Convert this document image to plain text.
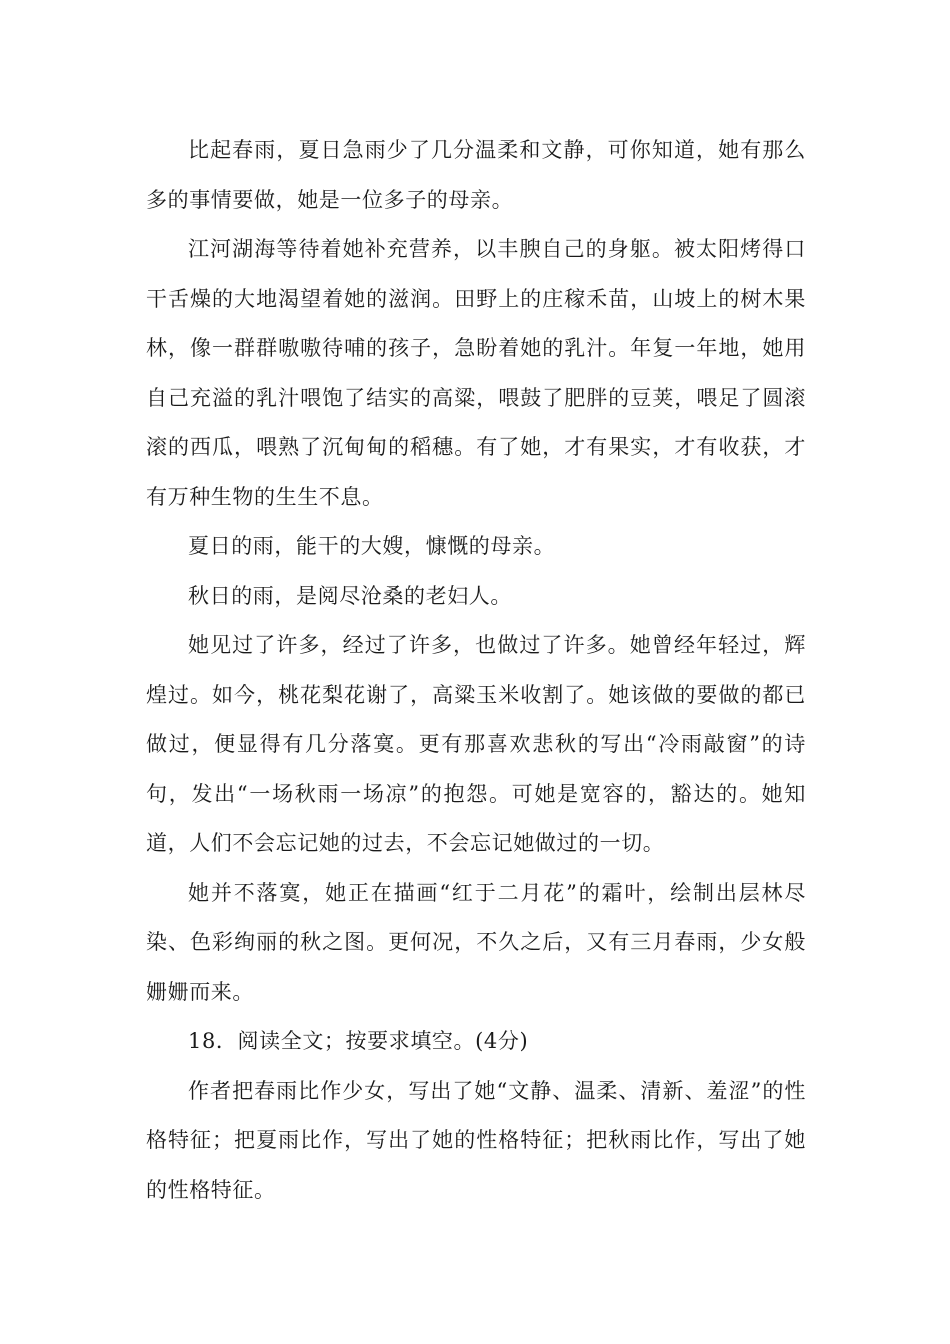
比起春雨，夏日急雨少了几分温柔和文静，可你知道，她有那么多的事情要做，她是一位多子的母亲。

江河湖海等待着她补充营养，以丰腴自己的身躯。被太阳烤得口干舌燥的大地渴望着她的滋润。田野上的庄稼禾苗，山坡上的树木果林，像一群群嗷嗷待哺的孩子，急盼着她的乳汁。年复一年地，她用自己充溢的乳汁喂饱了结实的高粱，喂鼓了肥胖的豆荚，喂足了圆滚滚的西瓜，喂熟了沉甸甸的稻穗。有了她，才有果实，才有收获，才有万种生物的生生不息。

夏日的雨，能干的大嫂，慷慨的母亲。

秋日的雨，是阅尽沧桑的老妇人。

她见过了许多，经过了许多，也做过了许多。她曾经年轻过，辉煌过。如今，桃花梨花谢了，高粱玉米收割了。她该做的要做的都已做过，便显得有几分落寞。更有那喜欢悲秋的写出“冷雨敲窗”的诗句，发出“一场秋雨一场凉”的抱怨。可她是宽容的，豁达的。她知道，人们不会忘记她的过去，不会忘记她做过的一切。

她并不落寞，她正在描画“红于二月花”的霜叶，绘制出层林尽染、色彩绚丽的秋之图。更何况，不久之后，又有三月春雨，少女般姗姗而来。

18．阅读全文；按要求填空。(4分)

作者把春雨比作少女，写出了她“文静、温柔、清新、羞涩”的性格特征；把夏雨比作，写出了她的性格特征；把秋雨比作，写出了她的性格特征。
